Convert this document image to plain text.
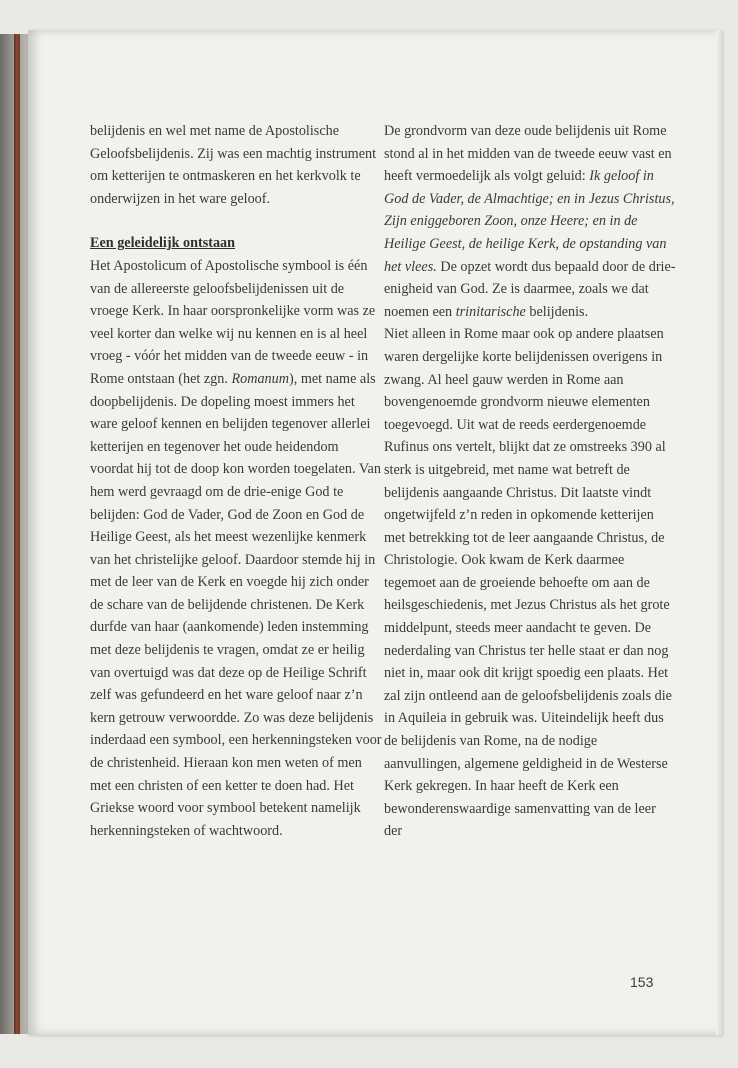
belijdenis en wel met name de Apostolische Geloofsbelijdenis. Zij was een machtig instrument om ketterijen te ontmaskeren en het kerkvolk te onderwijzen in het ware geloof.

Een geleidelijk ontstaan

Het Apostolicum of Apostolische symbool is één van de allereerste geloofsbelijdenissen uit de vroege Kerk. In haar oorspronkelijke vorm was ze veel korter dan welke wij nu kennen en is al heel vroeg - vóór het midden van de tweede eeuw - in Rome ontstaan (het zgn. Romanum), met name als doopbelijdenis. De dopeling moest immers het ware geloof kennen en belijden tegenover allerlei ketterijen en tegenover het oude heidendom voordat hij tot de doop kon worden toegelaten. Van hem werd gevraagd om de drie-enige God te belijden: God de Vader, God de Zoon en God de Heilige Geest, als het meest wezenlijke kenmerk van het christelijke geloof. Daardoor stemde hij in met de leer van de Kerk en voegde hij zich onder de schare van de belijdende christenen. De Kerk durfde van haar (aankomende) leden instemming met deze belijdenis te vragen, omdat ze er heilig van overtuigd was dat deze op de Heilige Schrift zelf was gefundeerd en het ware geloof naar z’n kern getrouw verwoordde. Zo was deze belijdenis inderdaad een symbool, een herkenningsteken voor de christenheid. Hieraan kon men weten of men met een christen of een ketter te doen had. Het Griekse woord voor symbool betekent namelijk herkenningsteken of wachtwoord.

De grondvorm van deze oude belijdenis uit Rome stond al in het midden van de tweede eeuw vast en heeft vermoedelijk als volgt geluid: Ik geloof in God de Vader, de Almachtige; en in Jezus Christus, Zijn eniggeboren Zoon, onze Heere; en in de Heilige Geest, de heilige Kerk, de opstanding van het vlees. De opzet wordt dus bepaald door de drie-enigheid van God. Ze is daarmee, zoals we dat noemen een trinitarische belijdenis.

Niet alleen in Rome maar ook op andere plaatsen waren dergelijke korte belijdenissen overigens in zwang. Al heel gauw werden in Rome aan bovengenoemde grondvorm nieuwe elementen toegevoegd. Uit wat de reeds eerdergenoemde Rufinus ons vertelt, blijkt dat ze omstreeks 390 al sterk is uitgebreid, met name wat betreft de belijdenis aangaande Christus. Dit laatste vindt ongetwijfeld z’n reden in opkomende ketterijen met betrekking tot de leer aangaande Christus, de Christologie. Ook kwam de Kerk daarmee tegemoet aan de groeiende behoefte om aan de heilsgeschiedenis, met Jezus Christus als het grote middelpunt, steeds meer aandacht te geven. De nederdaling van Christus ter helle staat er dan nog niet in, maar ook dit krijgt spoedig een plaats. Het zal zijn ontleend aan de geloofsbelijdenis zoals die in Aquileia in gebruik was. Uiteindelijk heeft dus de belijdenis van Rome, na de nodige aanvullingen, algemene geldigheid in de Westerse Kerk gekregen. In haar heeft de Kerk een bewonderenswaardige samenvatting van de leer der

153
